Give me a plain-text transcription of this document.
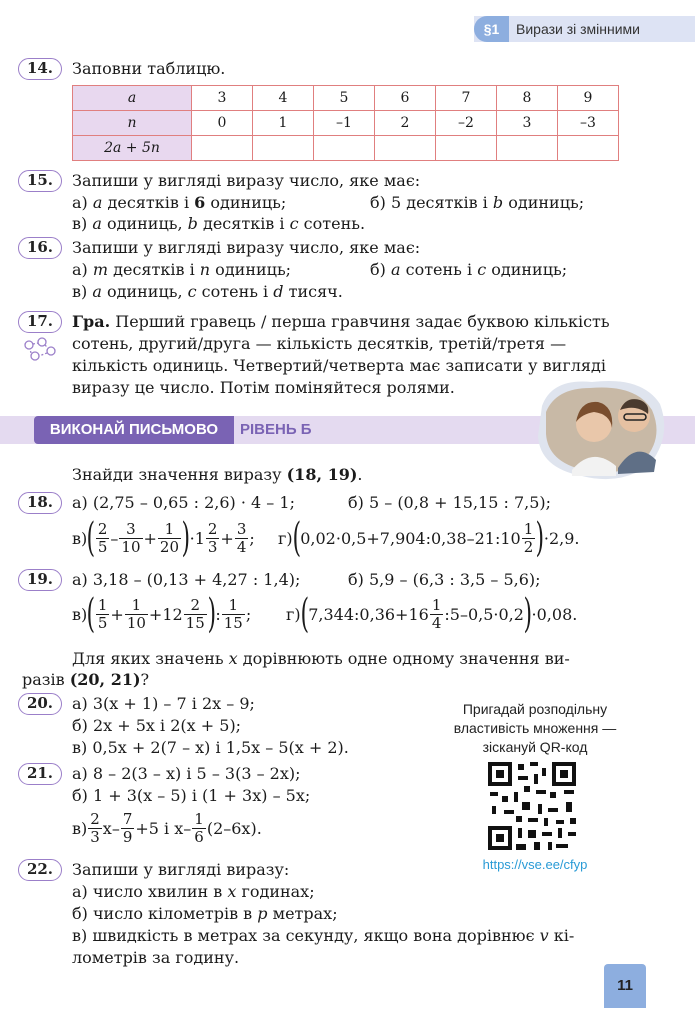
§1	Вирази зі змінними
14.	Заповни таблицю.
a	3	4	5	6	7	8	9
n	0	1	–1	2	–2	3	–3
2a + 5n							
15.	Запиши у вигляді виразу число, яке має:
а) a десятків і 6 одиниць;	б) 5 десятків і b одиниць;
в) a одиниць, b десятків і c сотень.
16.	Запиши у вигляді виразу число, яке має:
а) m десятків і n одиниць;	б) a сотень і c одиниць;
в) a одиниць, c сотень і d тисяч.
17.	Гра. Перший гравець / перша гравчиня задає буквою кількість
сотень, другий/друга — кількість десятків, третій/третя —
кількість одиниць. Четвертий/четверта має записати у вигляді
виразу це число. Потім поміняйтеся ролями.
ВИКОНАЙ ПИСЬМОВО	РІВЕНЬ Б
Знайди значення виразу (18, 19).
18.	а) (2,75 – 0,65 : 2,6) · 4 – 1;	б) 5 – (0,8 + 15,15 : 7,5);
в) ( $\frac{2}{5} - \frac{3}{10} + \frac{1}{20}$ ) $\cdot 1 \frac{2}{3} + \frac{3}{4}$ ; г) ( 0,02·0,5+7,904:0,38–21:10 $\frac{1}{2}$ ) ·2,9.
19.	а) 3,18 – (0,13 + 4,27 : 1,4);	б) 5,9 – (6,3 : 3,5 – 5,6);
в) ( $\frac{1}{5} + \frac{1}{10} + 12 \frac{2}{15}$ ) : $\frac{1}{15}$ ; г) ( 7,344:0,36+16 $\frac{1}{4}$ :5–0,5·0,2 ) ·0,08.
Для яких значень x дорівнюють одне одному значення ви-
разів (20, 21)?
20.	а) 3(x + 1) – 7 і 2x – 9;
б) 2x + 5x і 2(x + 5);
в) 0,5x + 2(7 – x) і 1,5x – 5(x + 2).
21.	а) 8 – 2(3 – x) і 5 – 3(3 – 2x);
б) 1 + 3(x – 5) і (1 + 3x) – 5x;
$в) \frac{2}{3} x- \frac{7}{9} +5$ і $x- \frac{1}{6} (2-6x)$.
22.	Запиши у вигляді виразу:
а) число хвилин в x годинах;
б) число кілометрів в p метрах;
в) швидкість в метрах за секунду, якщо вона дорівнює v кі-
лометрів за годину.
Пригадай розподільну
властивість множення —
зіскануй QR-код
https://vse.ee/cfyp
11
